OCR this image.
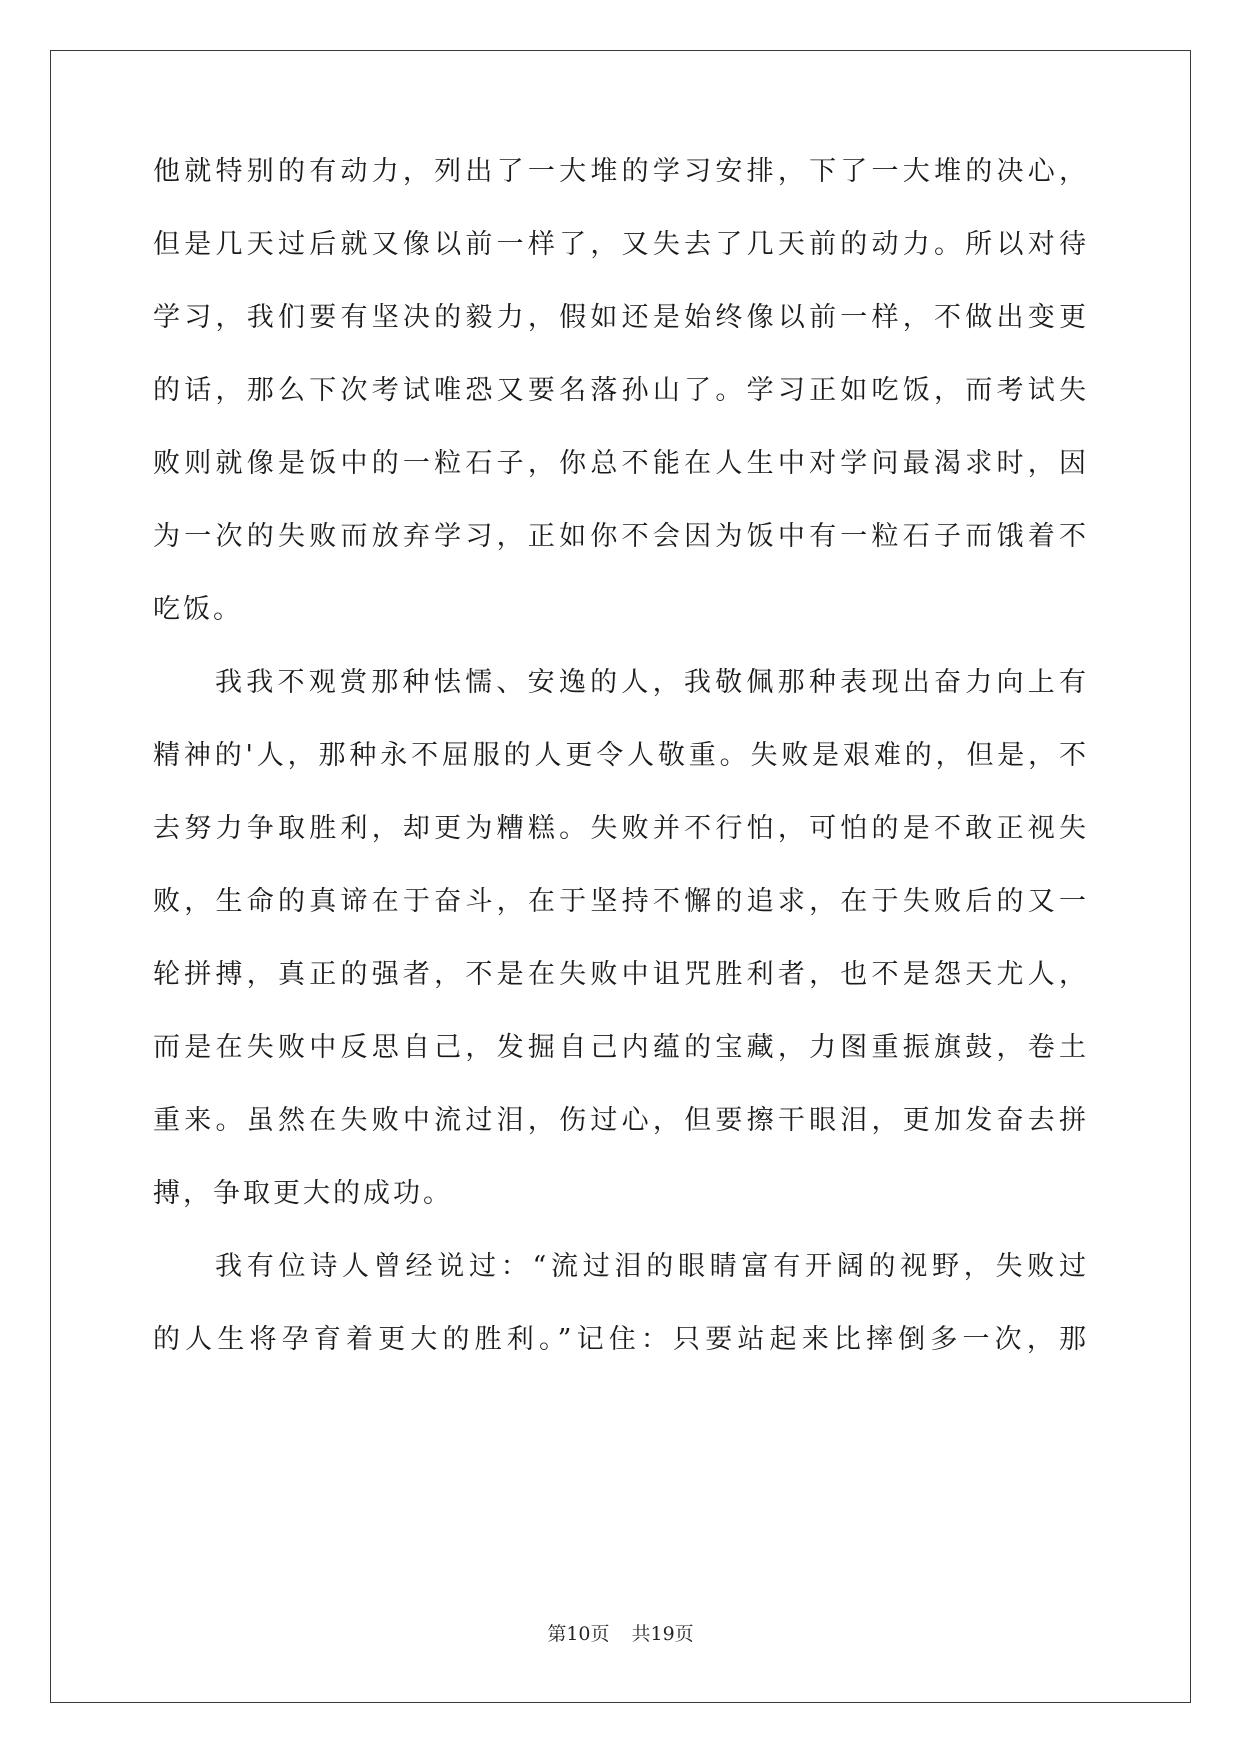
他就特别的有动力，列出了一大堆的学习安排，下了一大堆的决心，
但是几天过后就又像以前一样了，又失去了几天前的动力。所以对待
学习，我们要有坚决的毅力，假如还是始终像以前一样，不做出变更
的话，那么下次考试唯恐又要名落孙山了。学习正如吃饭，而考试失
败则就像是饭中的一粒石子，你总不能在人生中对学问最渴求时，因
为一次的失败而放弃学习，正如你不会因为饭中有一粒石子而饿着不
吃饭。
我我不观赏那种怯懦、安逸的人，我敬佩那种表现出奋力向上有
精神的'人，那种永不屈服的人更令人敬重。失败是艰难的，但是，不
去努力争取胜利，却更为糟糕。失败并不行怕，可怕的是不敢正视失
败，生命的真谛在于奋斗，在于坚持不懈的追求，在于失败后的又一
轮拼搏，真正的强者，不是在失败中诅咒胜利者，也不是怨天尤人，
而是在失败中反思自己，发掘自己内蕴的宝藏，力图重振旗鼓，卷土
重来。虽然在失败中流过泪，伤过心，但要擦干眼泪，更加发奋去拼
搏，争取更大的成功。
我有位诗人曾经说过：“流过泪的眼睛富有开阔的视野，失败过
的人生将孕育着更大的胜利。”记住：只要站起来比摔倒多一次，那
第10页 共19页
